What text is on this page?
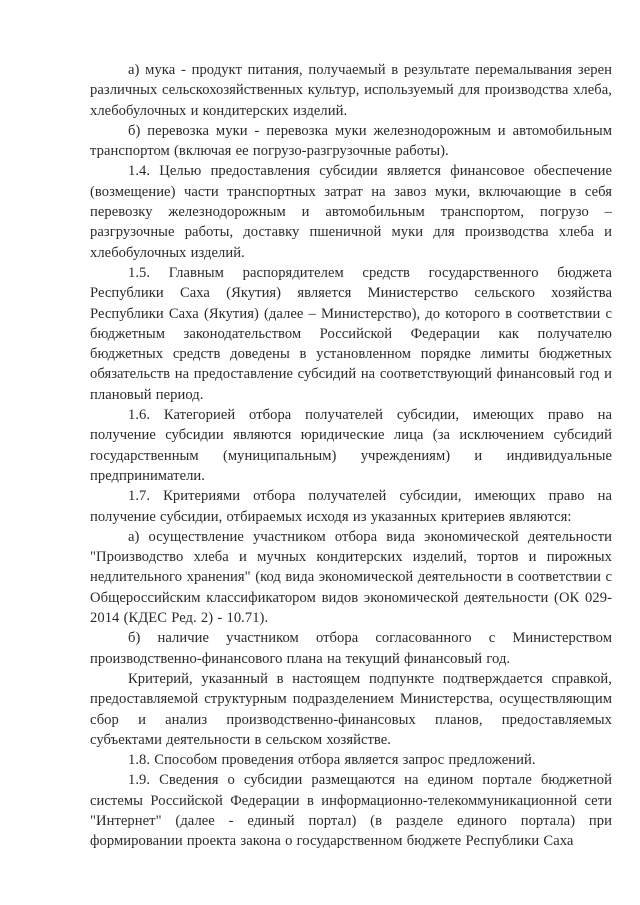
а) мука - продукт питания, получаемый в результате перемалывания зерен различных сельскохозяйственных культур, используемый для производства хлеба, хлебобулочных и кондитерских изделий.

б) перевозка муки - перевозка муки железнодорожным и автомобильным транспортом (включая ее погрузо-разгрузочные работы).

1.4. Целью предоставления субсидии является финансовое обеспечение (возмещение) части транспортных затрат на завоз муки, включающие в себя перевозку железнодорожным и автомобильным транспортом, погрузо – разгрузочные работы, доставку пшеничной муки для производства хлеба и хлебобулочных изделий.

1.5. Главным распорядителем средств государственного бюджета Республики Саха (Якутия) является Министерство сельского хозяйства Республики Саха (Якутия) (далее – Министерство), до которого в соответствии с бюджетным законодательством Российской Федерации как получателю бюджетных средств доведены в установленном порядке лимиты бюджетных обязательств на предоставление субсидий на соответствующий финансовый год и плановый период.

1.6. Категорией отбора получателей субсидии, имеющих право на получение субсидии являются юридические лица (за исключением субсидий государственным (муниципальным) учреждениям) и индивидуальные предприниматели.

1.7. Критериями отбора получателей субсидии, имеющих право на получение субсидии, отбираемых исходя из указанных критериев являются:

а) осуществление участником отбора вида экономической деятельности "Производство хлеба и мучных кондитерских изделий, тортов и пирожных недлительного хранения" (код вида экономической деятельности в соответствии с Общероссийским классификатором видов экономической деятельности (ОК 029-2014 (КДЕС Ред. 2) - 10.71).

б) наличие участником отбора согласованного с Министерством производственно-финансового плана на текущий финансовый год.

Критерий, указанный в настоящем подпункте подтверждается справкой, предоставляемой структурным подразделением Министерства, осуществляющим сбор и анализ производственно-финансовых планов, предоставляемых субъектами деятельности в сельском хозяйстве.

1.8. Способом проведения отбора является запрос предложений.

1.9. Сведения о субсидии размещаются на едином портале бюджетной системы Российской Федерации в информационно-телекоммуникационной сети "Интернет" (далее - единый портал) (в разделе единого портала) при формировании проекта закона о государственном бюджете Республики Саха
